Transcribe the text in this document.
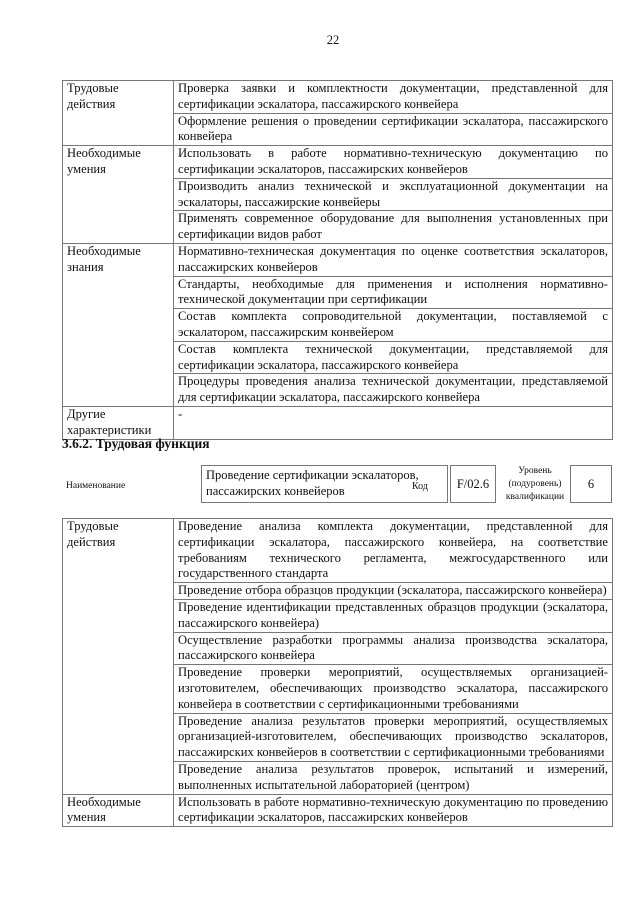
22
Трудовые действия	Проверка заявки и комплектности документации, представленной для сертификации эскалатора, пассажирского конвейера
	Оформление решения о проведении сертификации эскалатора, пассажирского конвейера
Необходимые умения	Использовать в работе нормативно-техническую документацию по сертификации эскалаторов, пассажирских конвейеров
	Производить анализ технической и эксплуатационной документации на эскалаторы, пассажирские конвейеры
	Применять современное оборудование для выполнения установленных при сертификации видов работ
Необходимые знания	Нормативно-техническая документация по оценке соответствия эскалаторов, пассажирских конвейеров
	Стандарты, необходимые для применения и исполнения нормативно-технической документации при сертификации
	Состав комплекта сопроводительной документации, поставляемой с эскалатором, пассажирским конвейером
	Состав комплекта технической документации, представляемой для сертификации эскалатора, пассажирского конвейера
	Процедуры проведения анализа технической документации, представляемой для сертификации эскалатора, пассажирского конвейера
Другие характеристики	-
3.6.2. Трудовая функция
Наименование
Проведение сертификации эскалаторов, пассажирских конвейеров	Код	F/02.6
Уровень (подуровень) квалификации
6
Трудовые действия	Проведение анализа комплекта документации, представленной для сертификации эскалатора, пассажирского конвейера, на соответствие требованиям технического регламента, межгосударственного или государственного стандарта
	Проведение отбора образцов продукции (эскалатора, пассажирского конвейера)
	Проведение идентификации представленных образцов продукции (эскалатора, пассажирского конвейера)
	Осуществление разработки программы анализа производства эскалатора, пассажирского конвейера
	Проведение проверки мероприятий, осуществляемых организацией-изготовителем, обеспечивающих производство эскалатора, пассажирского конвейера в соответствии с сертификационными требованиями
	Проведение анализа результатов проверки мероприятий, осуществляемых организацией-изготовителем, обеспечивающих производство эскалаторов, пассажирских конвейеров в соответствии с сертификационными требованиями
	Проведение анализа результатов проверок, испытаний и измерений, выполненных испытательной лабораторией (центром)
Необходимые умения	Использовать в работе нормативно-техническую документацию по проведению сертификации эскалаторов, пассажирских конвейеров
